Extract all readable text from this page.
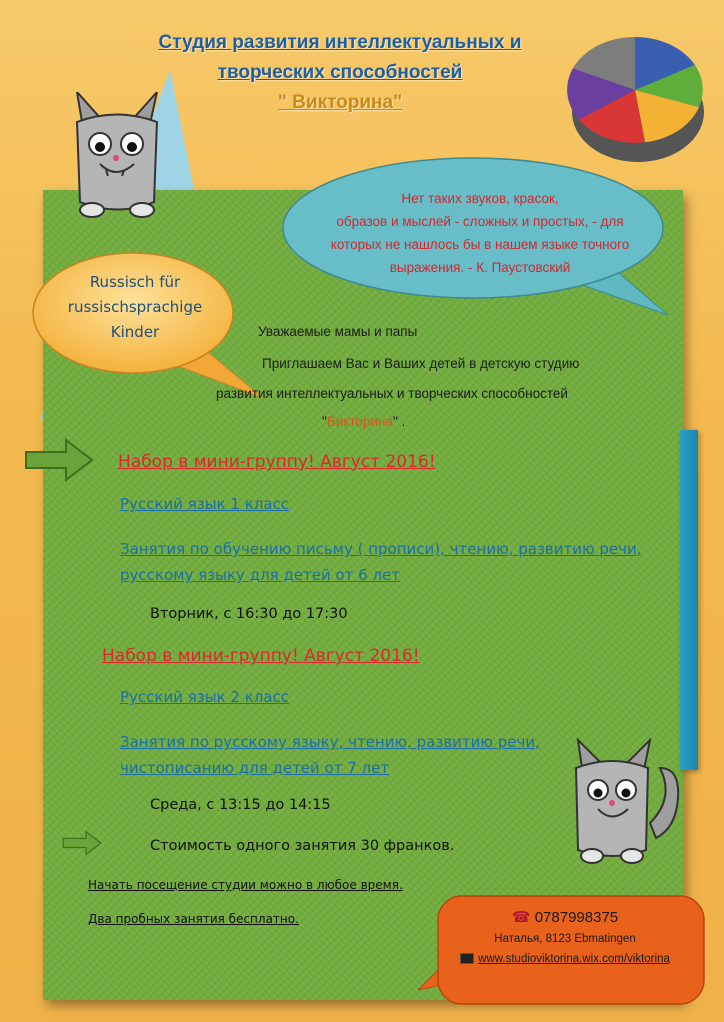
Студия развития интеллектуальных и
творческих способностей
" Викторина"
Нет таких звуков, красок,
образов и мыслей - сложных и простых, - для
которых не нашлось бы в нашем языке точного
выражения. - К. Паустовский
Russisch für
russischsprachige
Kinder	Уважаемые мамы и папы
Приглашаем Вас и Ваших детей в детскую студию
развития интеллектуальных и творческих способностей
"Викторина" .
Набор в мини-группу! Август 2016!
Русский язык 1 класс
Занятия по обучению письму ( прописи), чтению, развитию речи,
русскому языку для детей от 6 лет
Вторник, с 16:30 до 17:30
Набор в мини-группу! Август 2016!
Русский язык 2 класс
Занятия по русскому языку, чтению, развитию речи,
чистописанию для детей от 7 лет
Среда, с 13:15 до 14:15
Стоимость одного занятия 30 франков.
Начать посещение студии можно в любое время.
Два пробных занятия бесплатно.	☎ 0787998375
Наталья, 8123 Ebmatingen
www.studioviktorina.wix.com/viktorina
